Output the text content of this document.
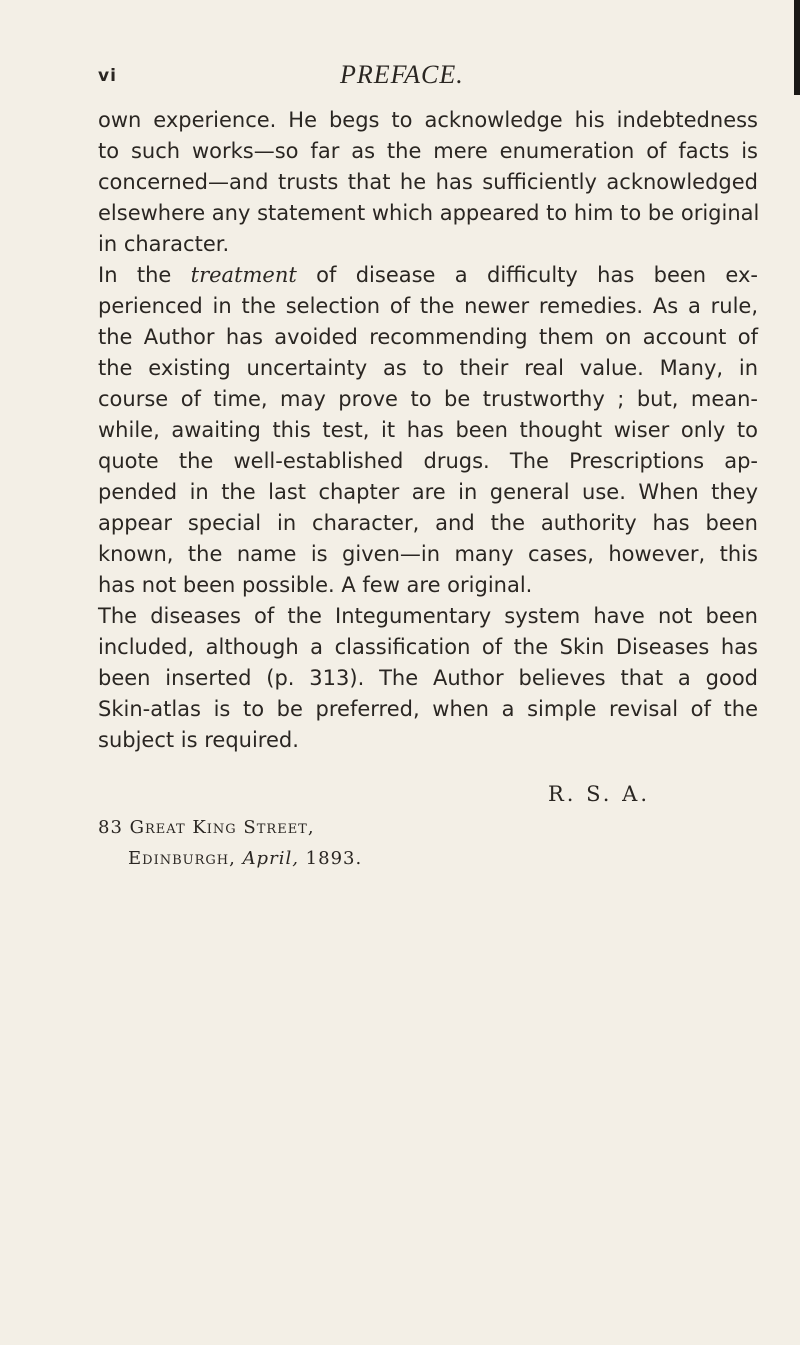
vi	PREFACE.
own experience. He begs to acknowledge his indebtedness
to such works—so far as the mere enumeration of facts is
concerned—and trusts that he has sufficiently acknowledged
elsewhere any statement which appeared to him to be original
in character.
In the treatment of disease a difficulty has been ex-
perienced in the selection of the newer remedies. As a rule,
the Author has avoided recommending them on account of
the existing uncertainty as to their real value. Many, in
course of time, may prove to be trustworthy ; but, mean-
while, awaiting this test, it has been thought wiser only to
quote the well-established drugs. The Prescriptions ap-
pended in the last chapter are in general use. When they
appear special in character, and the authority has been
known, the name is given—in many cases, however, this
has not been possible. A few are original.
The diseases of the Integumentary system have not been
included, although a classification of the Skin Diseases has
been inserted (p. 313). The Author believes that a good
Skin-atlas is to be preferred, when a simple revisal of the
subject is required.
R. S. A.
83 Great King Street,
Edinburgh, April, 1893.
